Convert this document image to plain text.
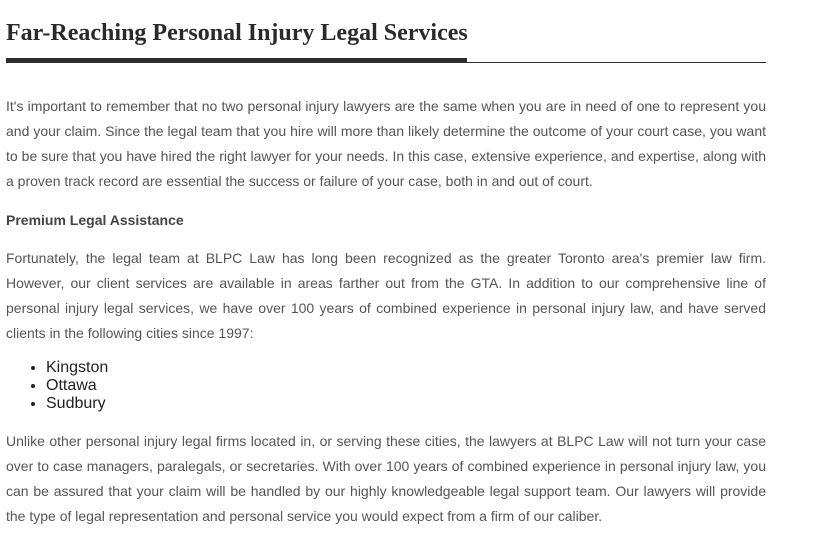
Far-Reaching Personal Injury Legal Services

It's important to remember that no two personal injury lawyers are the same when you are in need of one to represent you and your claim. Since the legal team that you hire will more than likely determine the outcome of your court case, you want to be sure that you have hired the right lawyer for your needs. In this case, extensive experience, and expertise, along with a proven track record are essential the success or failure of your case, both in and out of court.

Premium Legal Assistance

Fortunately, the legal team at BLPC Law has long been recognized as the greater Toronto area's premier law firm. However, our client services are available in areas farther out from the GTA. In addition to our comprehensive line of personal injury legal services, we have over 100 years of combined experience in personal injury law, and have served clients in the following cities since 1997:

• Kingston
• Ottawa
• Sudbury

Unlike other personal injury legal firms located in, or serving these cities, the lawyers at BLPC Law will not turn your case over to case managers, paralegals, or secretaries. With over 100 years of combined experience in personal injury law, you can be assured that your claim will be handled by our highly knowledgeable legal support team. Our lawyers will provide the type of legal representation and personal service you would expect from a firm of our caliber.
